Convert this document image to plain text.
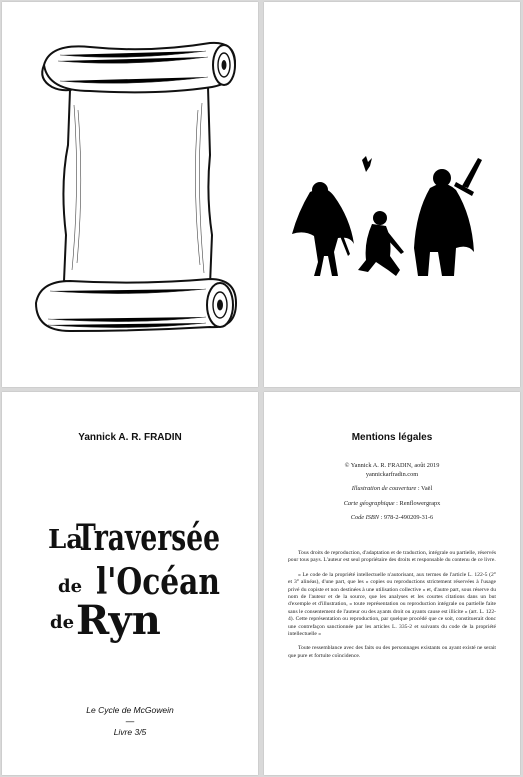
Yannick A. R. FRADIN
La
Traversée
de l'Océan
de Ryn
Le Cycle de McGowein
—
Livre 3/5
Mentions légales

© Yannick A. R. FRADIN, août 2019
yannickarfradin.com

Illustration de couverture : Vaël

Carte géographique : Renflowergrapx

Code ISBN : 978-2-490209-31-6

Tous droits de reproduction, d'adaptation et de traduction, intégrale ou partielle, réservés pour tous pays. L'auteur est seul propriétaire des droits et responsable du contenu de ce livre.

« Le code de la propriété intellectuelle n'autorisant, aux termes de l'article L. 122-5 (2° et 3° alinéas), d'une part, que les « copies ou reproductions strictement réservées à l'usage privé du copiste et non destinées à une utilisation collective » et, d'autre part, sous réserve du nom de l'auteur et de la source, que les analyses et les courtes citations dans un but d'exemple et d'illustration, « toute représentation ou reproduction intégrale ou partielle faite sans le consentement de l'auteur ou des ayants droit ou ayants cause est illicite » (art. L. 122-4). Cette représentation ou reproduction, par quelque procédé que ce soit, constituerait donc une contrefaçon sanctionnée par les articles L. 335-2 et suivants du code de la propriété intellectuelle »

Toute ressemblance avec des faits ou des personnages existants ou ayant existé ne serait que pure et fortuite coïncidence.
